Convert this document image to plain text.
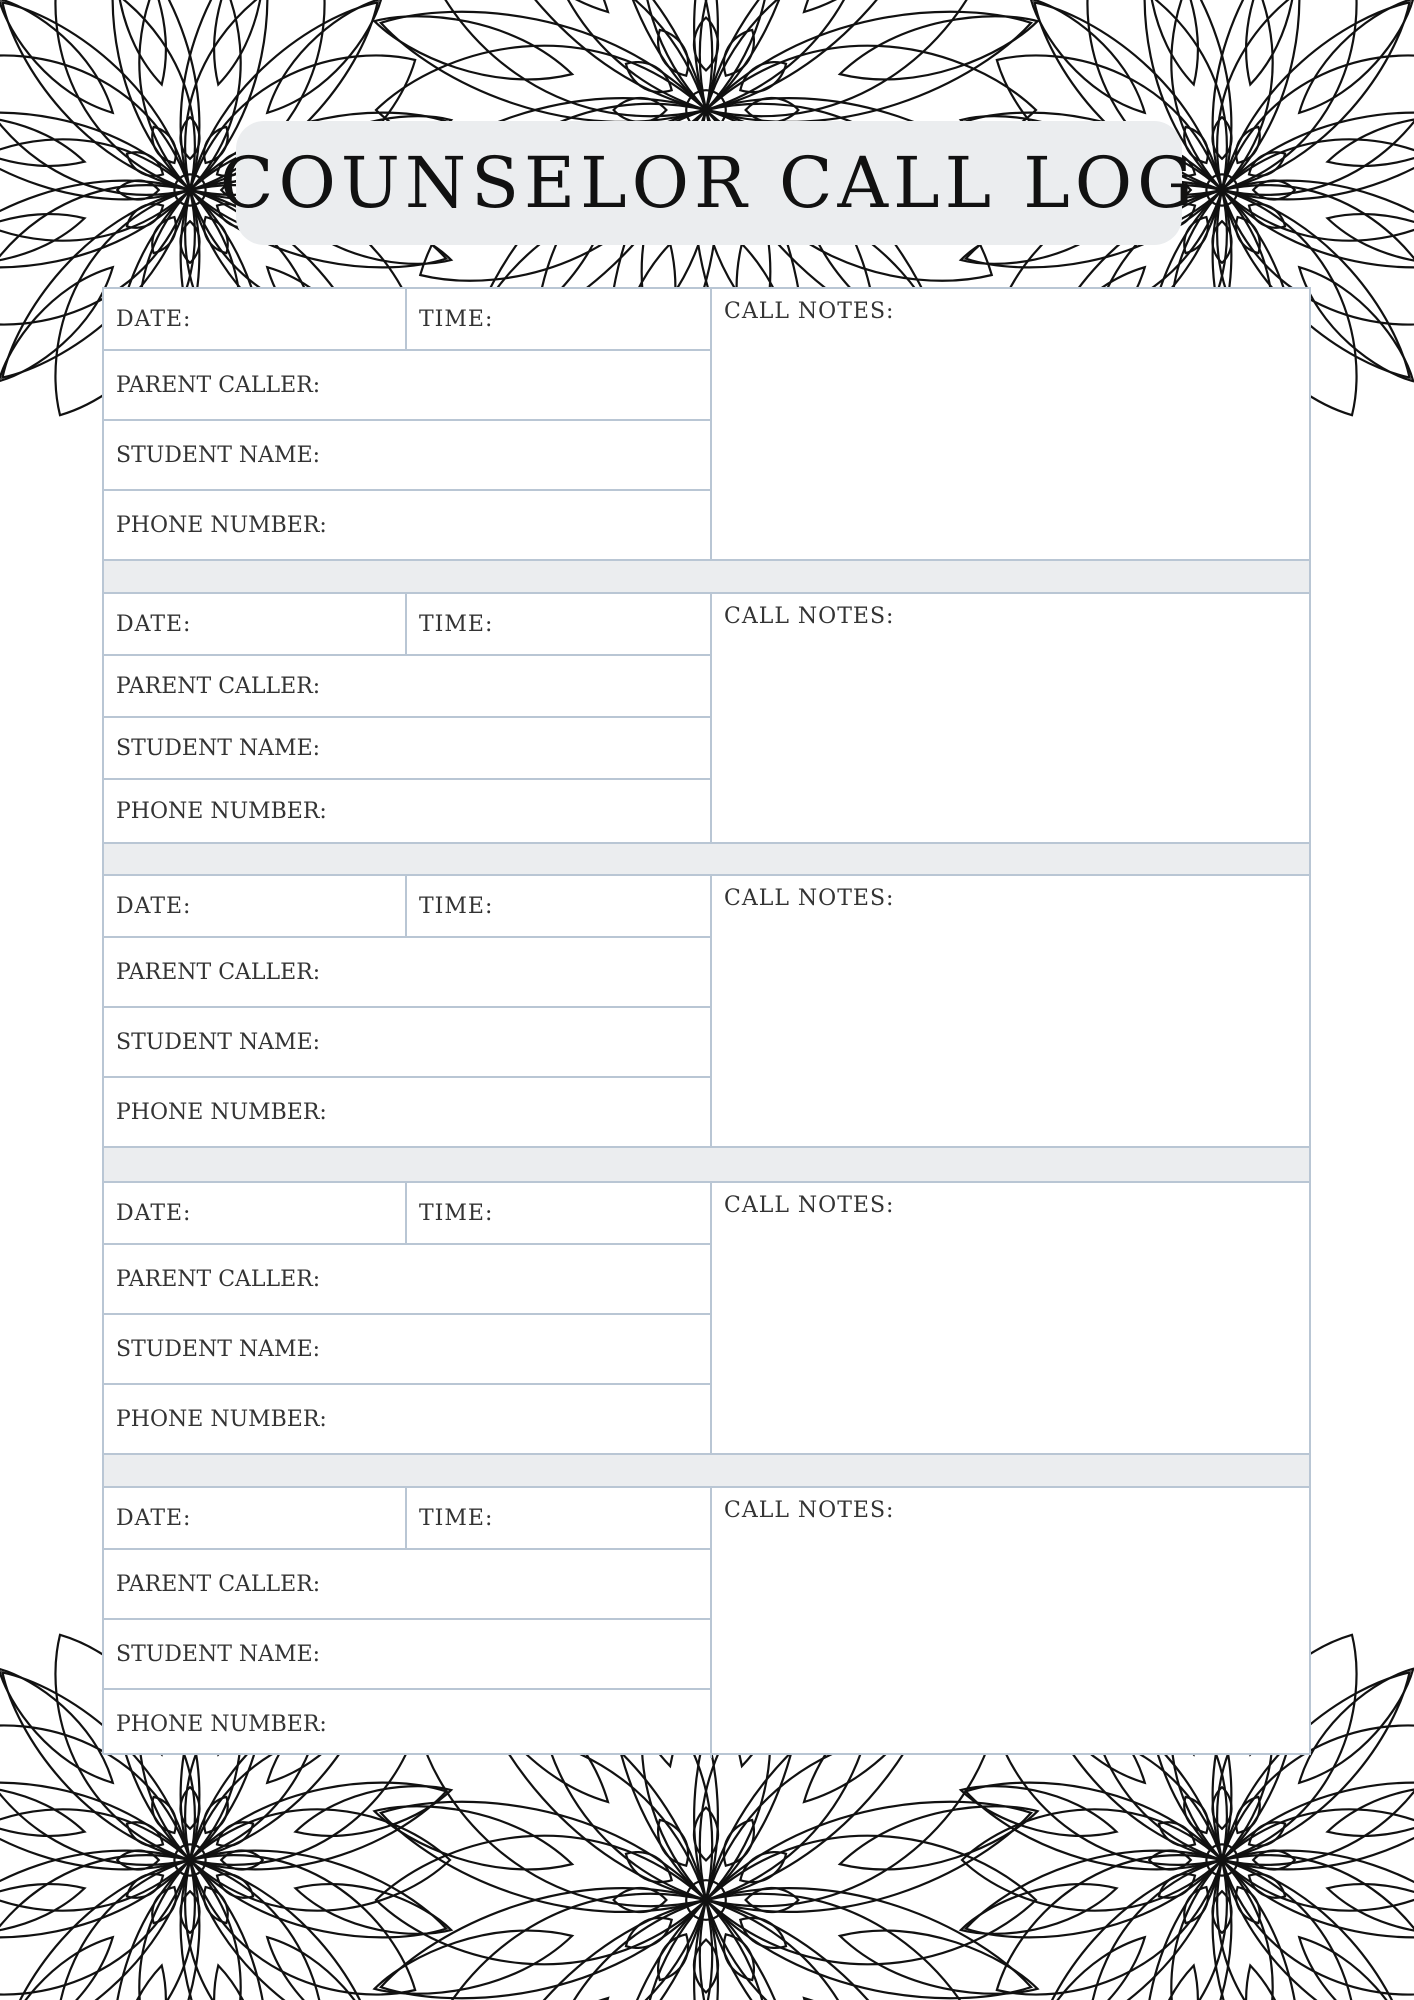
COUNSELOR CALL LOG
DATE:	TIME:
PARENT CALLER:
STUDENT NAME:
PHONE NUMBER:
CALL NOTES:
DATE:	TIME:
PARENT CALLER:
STUDENT NAME:
PHONE NUMBER:
CALL NOTES:
DATE:	TIME:
PARENT CALLER:
STUDENT NAME:
PHONE NUMBER:
CALL NOTES:
DATE:	TIME:
PARENT CALLER:
STUDENT NAME:
PHONE NUMBER:
CALL NOTES:
DATE:	TIME:
PARENT CALLER:
STUDENT NAME:
PHONE NUMBER:
CALL NOTES:
